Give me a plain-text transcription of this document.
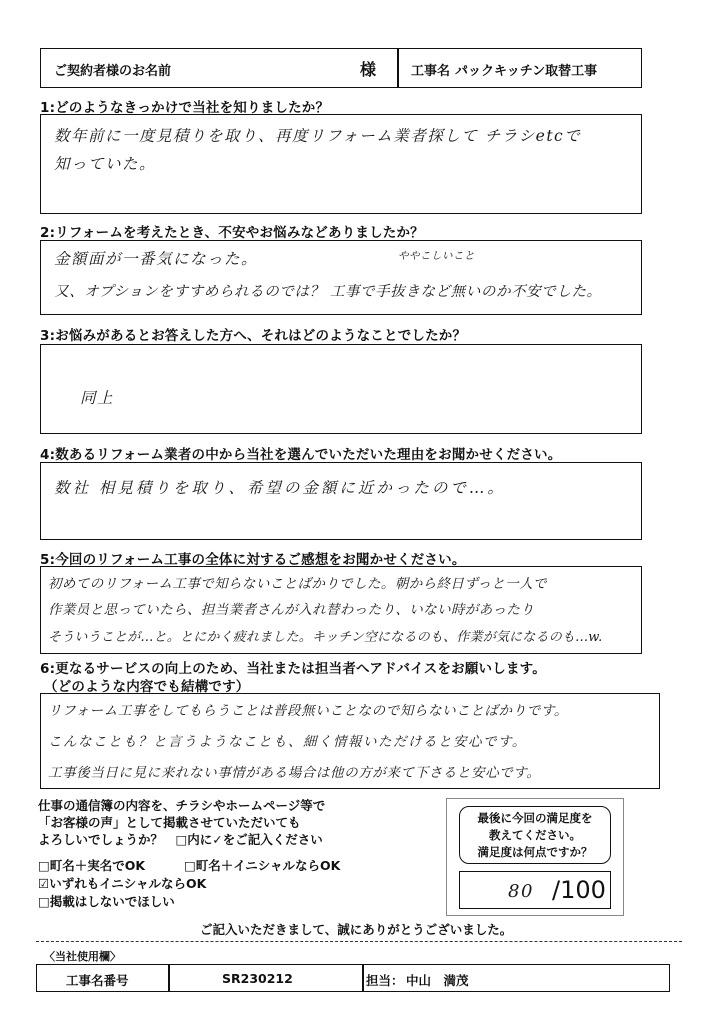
ご契約者様のお名前	様	工事名 パックキッチン取替工事
1:どのようなきっかけで当社を知りましたか？
数年前に一度見積りを取り、再度リフォーム業者探して チラシetcで
知っていた。
2:リフォームを考えたとき、不安やお悩みなどありましたか？
ややこしいこと
金額面が一番気になった。
又、オプションをすすめられるのでは？ 工事で手抜きなど無いのか不安でした。
3:お悩みがあるとお答えした方へ、それはどのようなことでしたか？
同上
4:数あるリフォーム業者の中から当社を選んでいただいた理由をお聞かせください。
数社 相見積りを取り、希望の金額に近かったので…。
5:今回のリフォーム工事の全体に対するご感想をお聞かせください。
初めてのリフォーム工事で知らないことばかりでした。朝から終日ずっと一人で
作業员と思っていたら、担当業者さんが入れ替わったり、いない時があったり
そういうことが…と。とにかく疲れました。キッチン空になるのも、作業が気になるのも…w.
6:更なるサービスの向上のため、当社または担当者へアドバイスをお願いします。
（どのような内容でも結構です）
リフォーム工事をしてもらうことは普段無いことなので知らないことばかりです。
こんなことも？と言うようなことも、細く情報いただけると安心です。
工事後当日に見に来れない事情がある場合は他の方が来て下さると安心です。
仕事の通信簿の内容を、チラシやホームページ等で
「お客様の声」として掲載させていただいても
よろしいでしょうか？　□内に✓をご記入ください
□町名＋実名でOK	□町名＋イニシャルならOK
☑いずれもイニシャルならOK
□掲載はしないでほしい
最後に今回の満足度を
教えてください。
満足度は何点ですか？
80 /100
ご記入いただきまして、誠にありがとうございました。
〈当社使用欄〉
工事名番号	SR230212	担当： 中山　満茂
